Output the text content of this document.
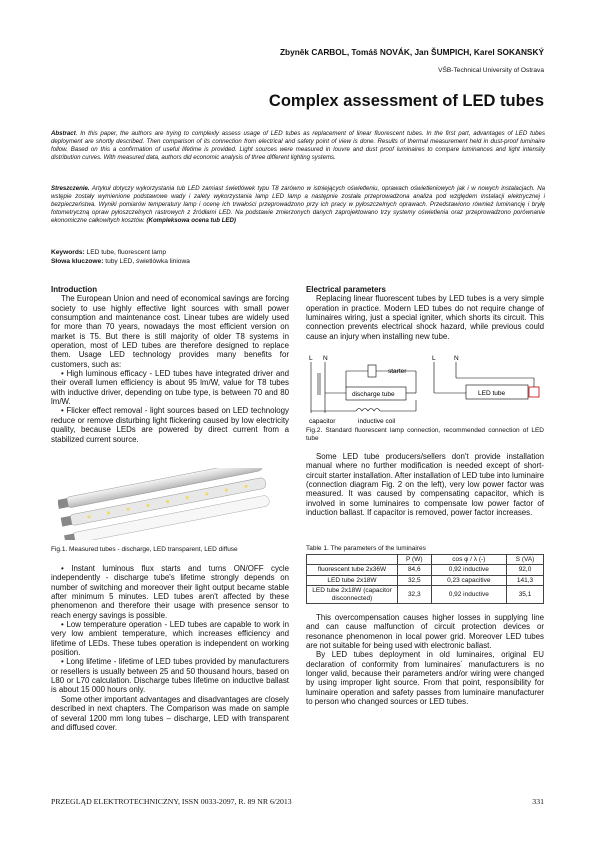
Zbyněk CARBOL, Tomáš NOVÁK, Jan ŠUMPICH, Karel SOKANSKÝ
VŠB-Technical University of Ostrava
Complex assessment of LED tubes
Abstract. In this paper, the authors are trying to complexly assess usage of LED tubes as replacement of linear fluorescent tubes. In the first part, advantages of LED tubes deployment are shortly described. Then comparison of its connection from electrical and safety point of view is done. Results of thermal measurement held in dust-proof luminaire follow. Based on this a confirmation of useful lifetime is provided. Light sources were measured in louvre and dust proof luminaires to compare luminances and light intensity distribution curves. With measured data, authors did economic analysis of three different lighting systems.
Streszczenie. Artykuł dotyczy wykorzystania tub LED zamiast świetlówek typu T8 zarówno w istniejących oświetleniu, oprawach oświetleniowych jak i w nowych instalacjach. Na wstępie zostały wymienione podstawowe wady i zalety wykorzystania lamp LED lamp a następnie została przeprowadzona analiza pod względem instalacji elektrycznej i bezpieczeństwa. Wyniki pomiarów temperatury lamp i ocenę ich trwałości przeprowadzono przy ich pracy w pyłoszczelnych oprawach. Przedstawiono również luminancję i bryłę fotometryczną opraw pyłoszczelnych rastrowych z źródłami LED. Na podstawie zmierzonych danych zaprojektowano trzy systemy oświetlenia oraz przeprowadzono porównanie ekonomiczne całkowitych kosztów. (Kompleksowa ocena tub LED)
Keywords: LED tube, fluorescent lamp
Słowa kluczowe: tuby LED, świetlówka liniowa
Introduction

The European Union and need of economical savings are forcing society to use highly effective light sources with small power consumption and maintenance cost. Linear tubes are widely used for more than 70 years, nowadays the most efficient version on market is T5. But there is still majority of older T8 systems in operation, most of LED tubes are therefore designed to replace them. Usage LED technology provides many benefits for customers, such as:

• High luminous efficacy - LED tubes have integrated driver and their overall lumen efficiency is about 95 lm/W, value for T8 tubes with inductive driver, depending on tube type, is between 70 and 80 lm/W.

• Flicker effect removal - light sources based on LED technology reduce or remove disturbing light flickering caused by low electricity quality, because LEDs are powered by direct current from a stabilized current source.

Fig.1. Measured tubes - discharge, LED transparent, LED diffuse

• Instant luminous flux starts and turns ON/OFF cycle independently - discharge tube's lifetime strongly depends on number of switching and moreover their light output became stable after minimum 5 minutes. LED tubes aren't affected by these phenomenon and therefore their usage with presence sensor to reach energy savings is possible.

• Low temperature operation - LED tubes are capable to work in very low ambient temperature, which increases efficiency and lifetime of LEDs. These tubes operation is independent on working position.

• Long lifetime - lifetime of LED tubes provided by manufacturers or resellers is usually between 25 and 50 thousand hours, based on L80 or L70 calculation. Discharge tubes lifetime on inductive ballast is about 15 000 hours only.

Some other important advantages and disadvantages are closely described in next chapters. The Comparison was made on sample of several 1200 mm long tubes – discharge, LED with transparent and diffused cover.

Electrical parameters

Replacing linear fluorescent tubes by LED tubes is a very simple operation in practice. Modern LED tubes do not require change of luminaires wiring, just a special igniter, which shorts its circuit. This connection prevents electrical shock hazard, while previous could cause an injury when installing new tube.

L N
discharge tube
starter
capacitor	inductive coil
L	N
LED tube
Fig.2. Standard fluorescent lamp connection, recommended connection of LED tube

Some LED tube producers/sellers don't provide installation manual where no further modification is needed except of short-circuit starter installation. After installation of LED tube into luminaire (connection diagram Fig. 2 on the left), very low power factor was measured. It was caused by compensating capacitor, which is involved in some luminaires to compensate low power factor of induction ballast. If capacitor is removed, power factor increases.

Table 1. The parameters of the luminaires
	P (W)	cos φ / λ (-)	S (VA)
fluorescent tube 2x36W	84,6	0,92 inductive	92,0
LED tube 2x18W	32,5	0,23 capacitive	141,3
LED tube 2x18W (capacitor disconnected)	32,3	0,92 inductive	35,1

This overcompensation causes higher losses in supplying line and can cause malfunction of circuit protection devices or resonance phenomenon in local power grid. Moreover LED tubes are not suitable for being used with electronic ballast.

By LED tubes deployment in old luminaires, original EU declaration of conformity from luminaires´ manufacturers is no longer valid, because their parameters and/or wiring were changed by using improper light source. From that point, responsibility for luminaire operation and safety passes from luminaire manufacturer to person who changed sources or LED tubes.

PRZEGLĄD ELEKTROTECHNICZNY, ISSN 0033-2097, R. 89 NR 6/2013	331
